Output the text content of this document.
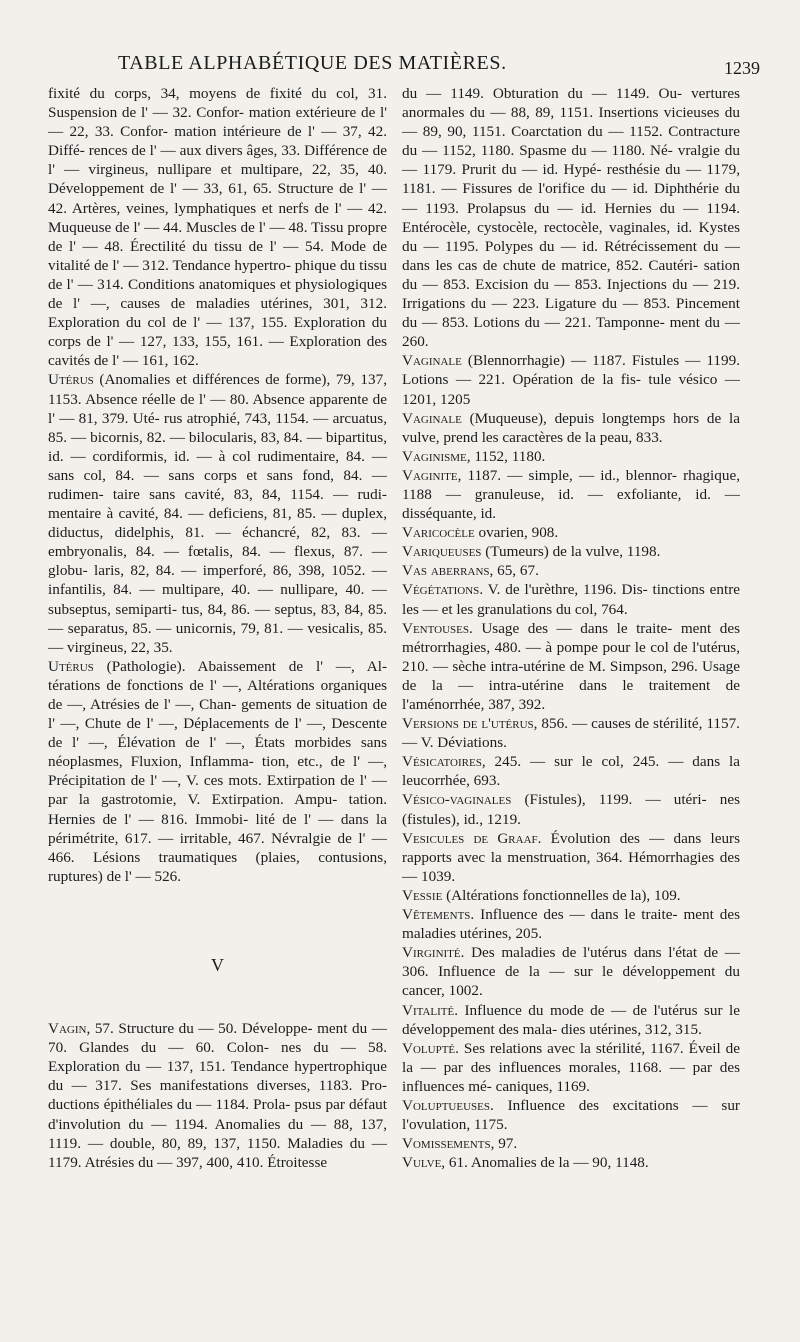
TABLE ALPHABÉTIQUE DES MATIÈRES.	1239

fixité du corps, 34, moyens de fixité du col, 31. Suspension de l' — 32. Confor- mation extérieure de l' — 22, 33. Confor- mation intérieure de l' — 37, 42. Diffé- rences de l' — aux divers âges, 33. Différence de l' — virgineus, nullipare et multipare, 22, 35, 40. Développement de l' — 33, 61, 65. Structure de l' — 42. Artères, veines, lymphatiques et nerfs de l' — 42. Muqueuse de l' — 44. Muscles de l' — 48. Tissu propre de l' — 48. Érectilité du tissu de l' — 54. Mode de vitalité de l' — 312. Tendance hypertro- phique du tissu de l' — 314. Conditions anatomiques et physiologiques de l' —, causes de maladies utérines, 301, 312. Exploration du col de l' — 137, 155. Exploration du corps de l' — 127, 133, 155, 161. — Exploration des cavités de l' — 161, 162.

Utérus (Anomalies et différences de forme), 79, 137, 1153. Absence réelle de l' — 80. Absence apparente de l' — 81, 379. Uté- rus atrophié, 743, 1154. — arcuatus, 85. — bicornis, 82. — bilocularis, 83, 84. — bipartitus, id. — cordiformis, id. — à col rudimentaire, 84. — sans col, 84. — sans corps et sans fond, 84. — rudimen- taire sans cavité, 83, 84, 1154. — rudi- mentaire à cavité, 84. — deficiens, 81, 85. — duplex, diductus, didelphis, 81. — échancré, 82, 83. — embryonalis, 84. — fœtalis, 84. — flexus, 87. — globu- laris, 82, 84. — imperforé, 86, 398, 1052. — infantilis, 84. — multipare, 40. — nullipare, 40. — subseptus, semiparti- tus, 84, 86. — septus, 83, 84, 85. — separatus, 85. — unicornis, 79, 81. — vesicalis, 85. — virgineus, 22, 35.

Utérus (Pathologie). Abaissement de l' —, Al- térations de fonctions de l' —, Altérations organiques de —, Atrésies de l' —, Chan- gements de situation de l' —, Chute de l' —, Déplacements de l' —, Descente de l' —, Élévation de l' —, États morbides sans néoplasmes, Fluxion, Inflamma- tion, etc., de l' —, Précipitation de l' —, V. ces mots. Extirpation de l' — par la gastrotomie, V. Extirpation. Ampu- tation. Hernies de l' — 816. Immobi- lité de l' — dans la périmétrite, 617. — irritable, 467. Névralgie de l' — 466. Lésions traumatiques (plaies, contusions, ruptures) de l' — 526.

V

Vagin, 57. Structure du — 50. Développe- ment du — 70. Glandes du — 60. Colon- nes du — 58. Exploration du — 137, 151. Tendance hypertrophique du — 317. Ses manifestations diverses, 1183. Pro- ductions épithéliales du — 1184. Prola- psus par défaut d'involution du — 1194. Anomalies du — 88, 137, 1119. — double, 80, 89, 137, 1150. Maladies du — 1179. Atrésies du — 397, 400, 410. Étroitesse

du — 1149. Obturation du — 1149. Ou- vertures anormales du — 88, 89, 1151. Insertions vicieuses du — 89, 90, 1151. Coarctation du — 1152. Contracture du — 1152, 1180. Spasme du — 1180. Né- vralgie du — 1179. Prurit du — id. Hypé- resthésie du — 1179, 1181. — Fissures de l'orifice du — id. Diphthérie du — 1193. Prolapsus du — id. Hernies du — 1194. Entérocèle, cystocèle, rectocèle, vaginales, id. Kystes du — 1195. Polypes du — id. Rétrécissement du — dans les cas de chute de matrice, 852. Cautéri- sation du — 853. Excision du — 853. Injections du — 219. Irrigations du — 223. Ligature du — 853. Pincement du — 853. Lotions du — 221. Tamponne- ment du — 260.

Vaginale (Blennorrhagie) — 1187. Fistules — 1199. Lotions — 221. Opération de la fis- tule vésico — 1201, 1205

Vaginale (Muqueuse), depuis longtemps hors de la vulve, prend les caractères de la peau, 833.

Vaginisme, 1152, 1180.

Vaginite, 1187. — simple, — id., blennor- rhagique, 1188 — granuleuse, id. — exfoliante, id. — disséquante, id.

Varicocèle ovarien, 908.

Variqueuses (Tumeurs) de la vulve, 1198.

Vas aberrans, 65, 67.

Végétations. V. de l'urèthre, 1196. Dis- tinctions entre les — et les granulations du col, 764.

Ventouses. Usage des — dans le traite- ment des métrorrhagies, 480. — à pompe pour le col de l'utérus, 210. — sèche intra-utérine de M. Simpson, 296. Usage de la — intra-utérine dans le traitement de l'aménorrhée, 387, 392.

Versions de l'utérus, 856. — causes de stérilité, 1157. — V. Déviations.

Vésicatoires, 245. — sur le col, 245. — dans la leucorrhée, 693.

Vésico-vaginales (Fistules), 1199. — utéri- nes (fistules), id., 1219.

Vesicules de Graaf. Évolution des — dans leurs rapports avec la menstruation, 364. Hémorrhagies des — 1039.

Vessie (Altérations fonctionnelles de la), 109.

Vêtements. Influence des — dans le traite- ment des maladies utérines, 205.

Virginité. Des maladies de l'utérus dans l'état de — 306. Influence de la — sur le développement du cancer, 1002.

Vitalité. Influence du mode de — de l'utérus sur le développement des mala- dies utérines, 312, 315.

Volupté. Ses relations avec la stérilité, 1167. Éveil de la — par des influences morales, 1168. — par des influences mé- caniques, 1169.

Voluptueuses. Influence des excitations — sur l'ovulation, 1175.

Vomissements, 97.

Vulve, 61. Anomalies de la — 90, 1148.
